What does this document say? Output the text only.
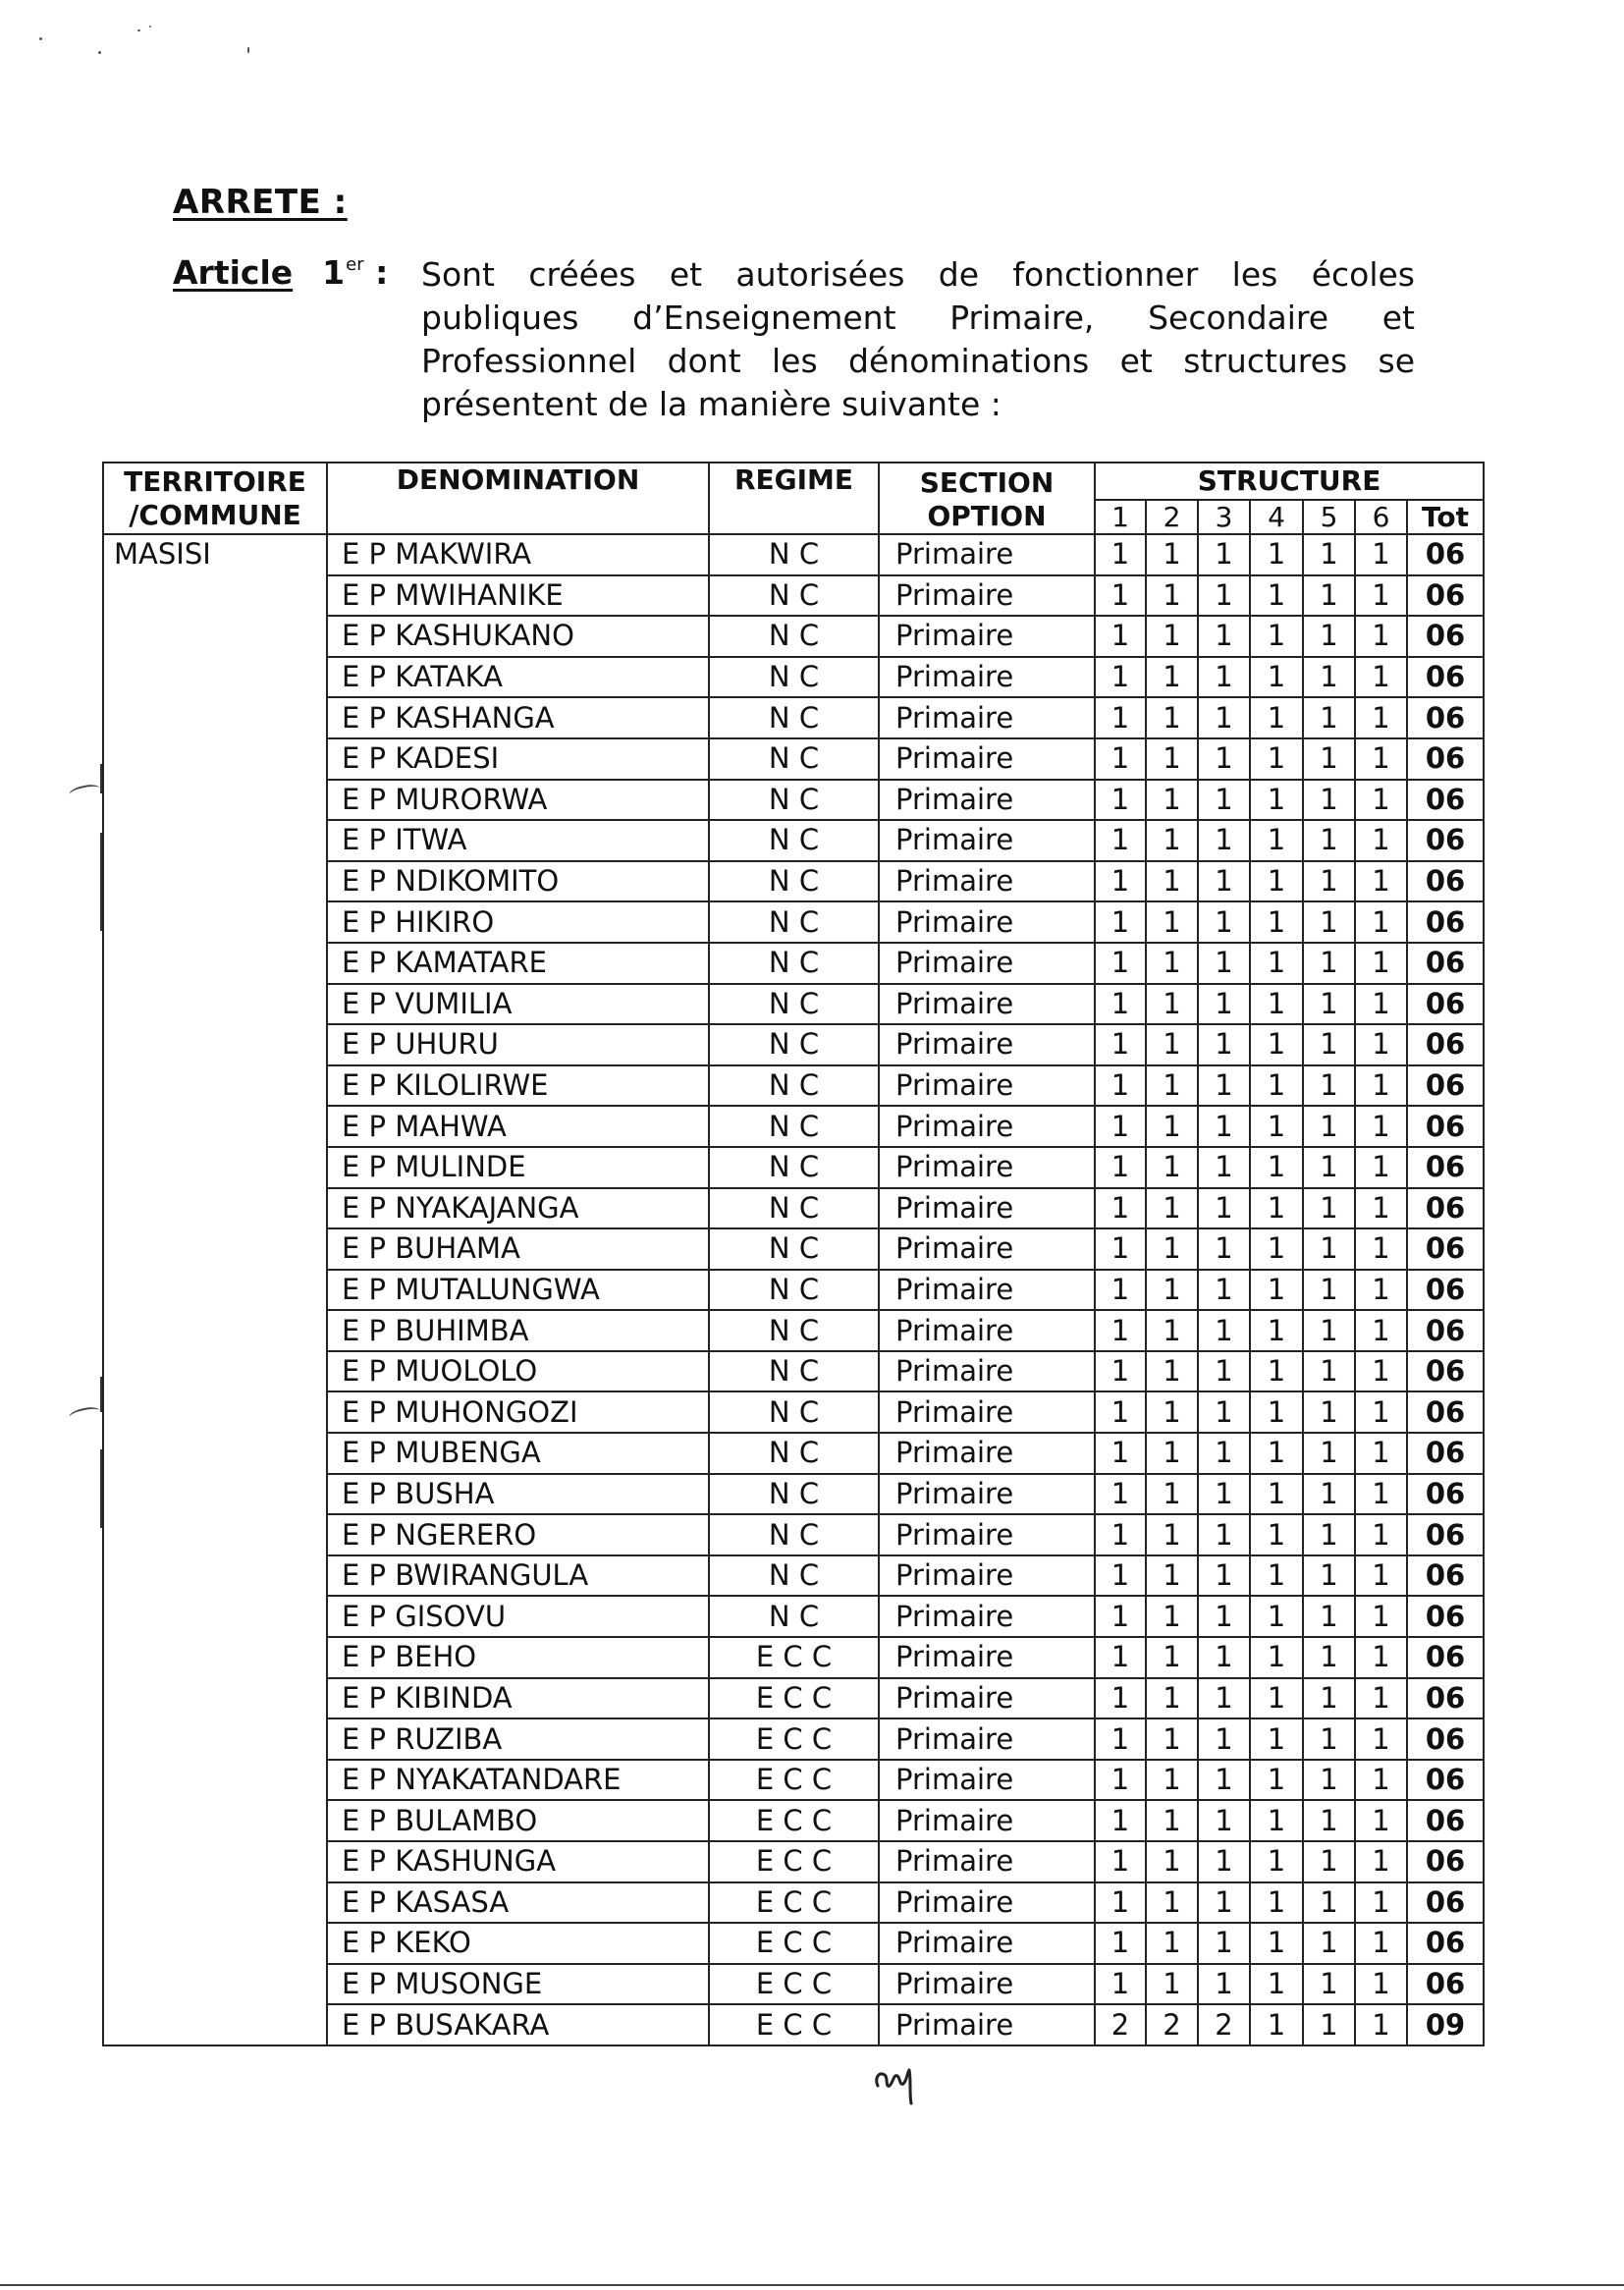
ARRETE :
Article 1er : Sont créées et autorisées de fonctionner les écoles publiques d’Enseignement Primaire, Secondaire et Professionnel dont les dénominations et structures se présentent de la manière suivante :
TERRITOIRE /COMMUNE	DENOMINATION	REGIME	SECTION OPTION	STRUCTURE						
				1	2	3	4	5	6	Tot
MASISI	E P MAKWIRA	N C	Primaire	1	1	1	1	1	1	06
	E P MWIHANIKE	N C	Primaire	1	1	1	1	1	1	06
	E P KASHUKANO	N C	Primaire	1	1	1	1	1	1	06
	E P KATAKA	N C	Primaire	1	1	1	1	1	1	06
	E P KASHANGA	N C	Primaire	1	1	1	1	1	1	06
	E P KADESI	N C	Primaire	1	1	1	1	1	1	06
	E P MURORWA	N C	Primaire	1	1	1	1	1	1	06
	E P ITWA	N C	Primaire	1	1	1	1	1	1	06
	E P NDIKOMITO	N C	Primaire	1	1	1	1	1	1	06
	E P HIKIRO	N C	Primaire	1	1	1	1	1	1	06
	E P KAMATARE	N C	Primaire	1	1	1	1	1	1	06
	E P VUMILIA	N C	Primaire	1	1	1	1	1	1	06
	E P UHURU	N C	Primaire	1	1	1	1	1	1	06
	E P KILOLIRWE	N C	Primaire	1	1	1	1	1	1	06
	E P MAHWA	N C	Primaire	1	1	1	1	1	1	06
	E P MULINDE	N C	Primaire	1	1	1	1	1	1	06
	E P NYAKAJANGA	N C	Primaire	1	1	1	1	1	1	06
	E P BUHAMA	N C	Primaire	1	1	1	1	1	1	06
	E P MUTALUNGWA	N C	Primaire	1	1	1	1	1	1	06
	E P BUHIMBA	N C	Primaire	1	1	1	1	1	1	06
	E P MUOLOLO	N C	Primaire	1	1	1	1	1	1	06
	E P MUHONGOZI	N C	Primaire	1	1	1	1	1	1	06
	E P MUBENGA	N C	Primaire	1	1	1	1	1	1	06
	E P BUSHA	N C	Primaire	1	1	1	1	1	1	06
	E P NGERERO	N C	Primaire	1	1	1	1	1	1	06
	E P BWIRANGULA	N C	Primaire	1	1	1	1	1	1	06
	E P GISOVU	N C	Primaire	1	1	1	1	1	1	06
	E P BEHO	E C C	Primaire	1	1	1	1	1	1	06
	E P KIBINDA	E C C	Primaire	1	1	1	1	1	1	06
	E P RUZIBA	E C C	Primaire	1	1	1	1	1	1	06
	E P NYAKATANDARE	E C C	Primaire	1	1	1	1	1	1	06
	E P BULAMBO	E C C	Primaire	1	1	1	1	1	1	06
	E P KASHUNGA	E C C	Primaire	1	1	1	1	1	1	06
	E P KASASA	E C C	Primaire	1	1	1	1	1	1	06
	E P KEKO	E C C	Primaire	1	1	1	1	1	1	06
	E P MUSONGE	E C C	Primaire	1	1	1	1	1	1	06
	E P BUSAKARA	E C C	Primaire	2	2	2	1	1	1	09
